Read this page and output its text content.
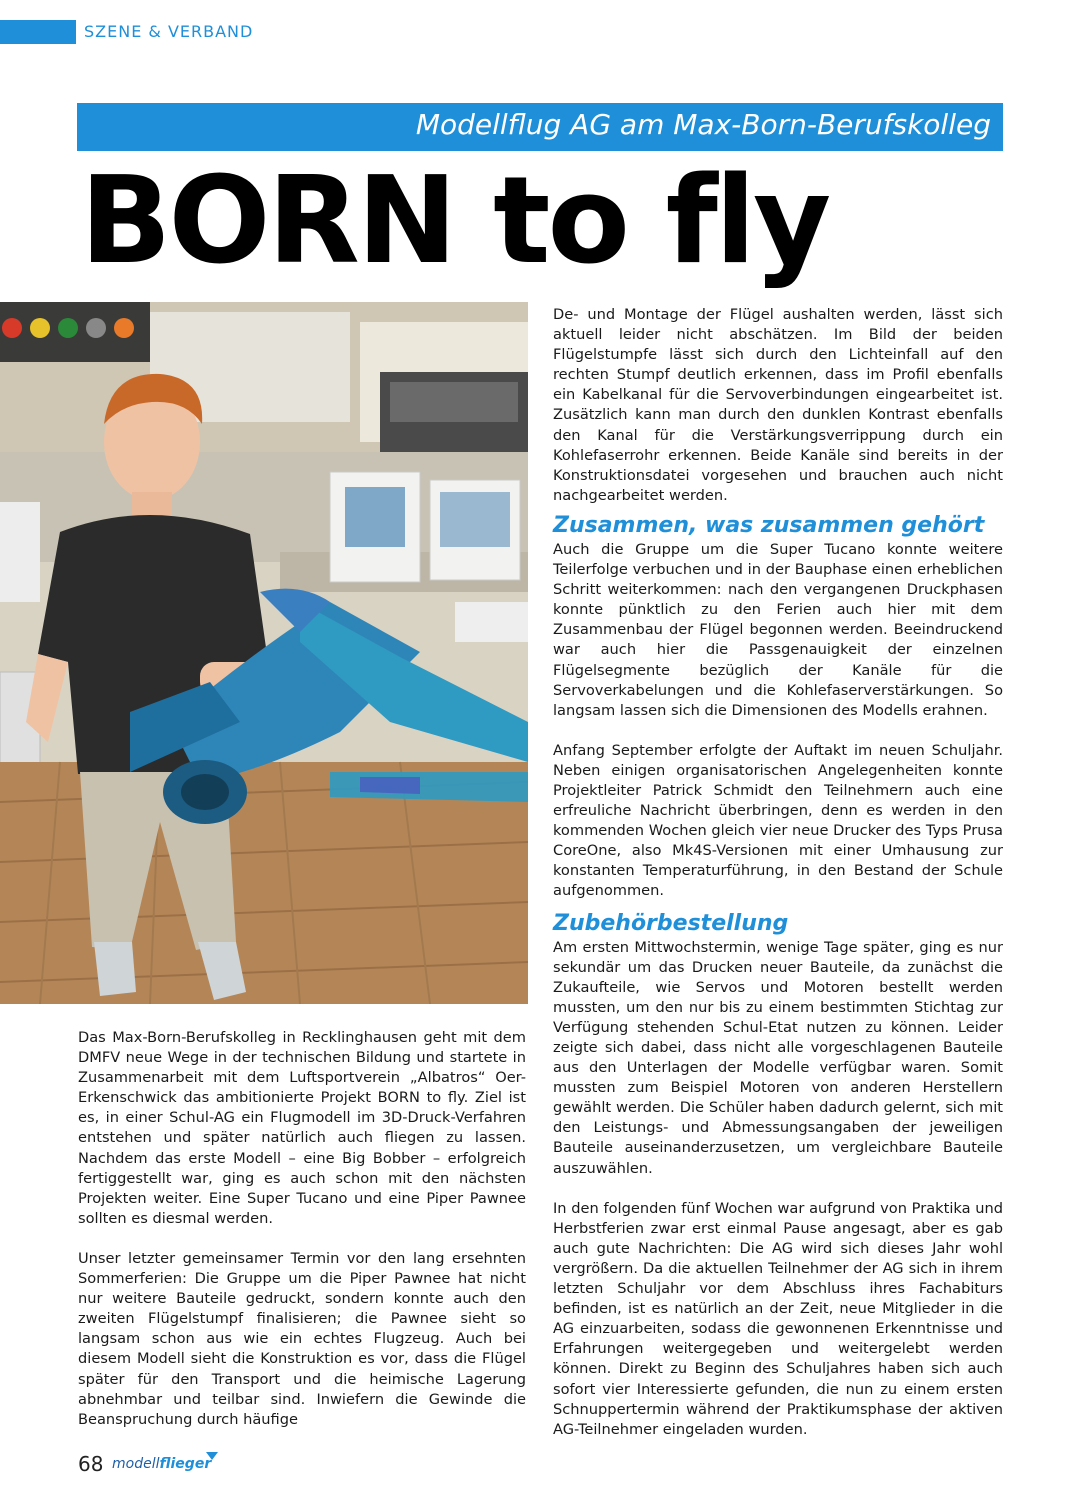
SZENE & VERBAND
Modellflug AG am Max-Born-Berufskolleg
BORN to fly

Das Max-Born-Berufskolleg in Recklinghausen geht mit dem DMFV neue Wege in der technischen Bildung und startete in Zusammenarbeit mit dem Luftsportverein „Albatros“ Oer-Erkenschwick das ambitionierte Projekt BORN to fly. Ziel ist es, in einer Schul-AG ein Flugmodell im 3D-Druck-Verfahren entstehen und später natürlich auch fliegen zu lassen. Nachdem das erste Modell – eine Big Bobber – erfolgreich fertiggestellt war, ging es auch schon mit den nächsten Projekten weiter. Eine Super Tucano und eine Piper Pawnee sollten es diesmal werden.

Unser letzter gemeinsamer Termin vor den lang ersehnten Sommerferien: Die Gruppe um die Piper Pawnee hat nicht nur weitere Bauteile gedruckt, sondern konnte auch den zweiten Flügelstumpf finalisieren; die Pawnee sieht so langsam schon aus wie ein echtes Flugzeug. Auch bei diesem Modell sieht die Konstruktion es vor, dass die Flügel später für den Transport und die heimische Lagerung abnehmbar und teilbar sind. Inwiefern die Gewinde die Beanspruchung durch häufige

De- und Montage der Flügel aushalten werden, lässt sich aktuell leider nicht abschätzen. Im Bild der beiden Flügelstumpfe lässt sich durch den Lichteinfall auf den rechten Stumpf deutlich erkennen, dass im Profil ebenfalls ein Kabelkanal für die Servoverbindungen eingearbeitet ist. Zusätzlich kann man durch den dunklen Kontrast ebenfalls den Kanal für die Verstärkungsverrippung durch ein Kohlefaserrohr erkennen. Beide Kanäle sind bereits in der Konstruktionsdatei vorgesehen und brauchen auch nicht nachgearbeitet werden.

Zusammen, was zusammen gehört

Auch die Gruppe um die Super Tucano konnte weitere Teilerfolge verbuchen und in der Bauphase einen erheblichen Schritt weiterkommen: nach den vergangenen Druckphasen konnte pünktlich zu den Ferien auch hier mit dem Zusammenbau der Flügel begonnen werden. Beeindruckend war auch hier die Passgenauigkeit der einzelnen Flügelsegmente bezüglich der Kanäle für die Servoverkabelungen und die Kohlefaserverstärkungen. So langsam lassen sich die Dimensionen des Modells erahnen.

Anfang September erfolgte der Auftakt im neuen Schuljahr. Neben einigen organisatorischen Angelegenheiten konnte Projektleiter Patrick Schmidt den Teilnehmern auch eine erfreuliche Nachricht überbringen, denn es werden in den kommenden Wochen gleich vier neue Drucker des Typs Prusa CoreOne, also Mk4S-Versionen mit einer Umhausung zur konstanten Temperaturführung, in den Bestand der Schule aufgenommen.

Zubehörbestellung

Am ersten Mittwochstermin, wenige Tage später, ging es nur sekundär um das Drucken neuer Bauteile, da zunächst die Zukaufteile, wie Servos und Motoren bestellt werden mussten, um den nur bis zu einem bestimmten Stichtag zur Verfügung stehenden Schul-Etat nutzen zu können. Leider zeigte sich dabei, dass nicht alle vorgeschlagenen Bauteile aus den Unterlagen der Modelle verfügbar waren. Somit mussten zum Beispiel Motoren von anderen Herstellern gewählt werden. Die Schüler haben dadurch gelernt, sich mit den Leistungs- und Abmessungsangaben der jeweiligen Bauteile auseinanderzusetzen, um vergleichbare Bauteile auszuwählen.

In den folgenden fünf Wochen war aufgrund von Praktika und Herbstferien zwar erst einmal Pause angesagt, aber es gab auch gute Nachrichten: Die AG wird sich dieses Jahr wohl vergrößern. Da die aktuellen Teilnehmer der AG sich in ihrem letzten Schuljahr vor dem Abschluss ihres Fachabiturs befinden, ist es natürlich an der Zeit, neue Mitglieder in die AG einzuarbeiten, sodass die gewonnenen Erkenntnisse und Erfahrungen weitergegeben und weitergelebt werden können. Direkt zu Beginn des Schuljahres haben sich auch sofort vier Interessierte gefunden, die nun zu einem ersten Schnuppertermin während der Praktikumsphase der aktiven AG-Teilnehmer eingeladen wurden.

68 modellflieger
